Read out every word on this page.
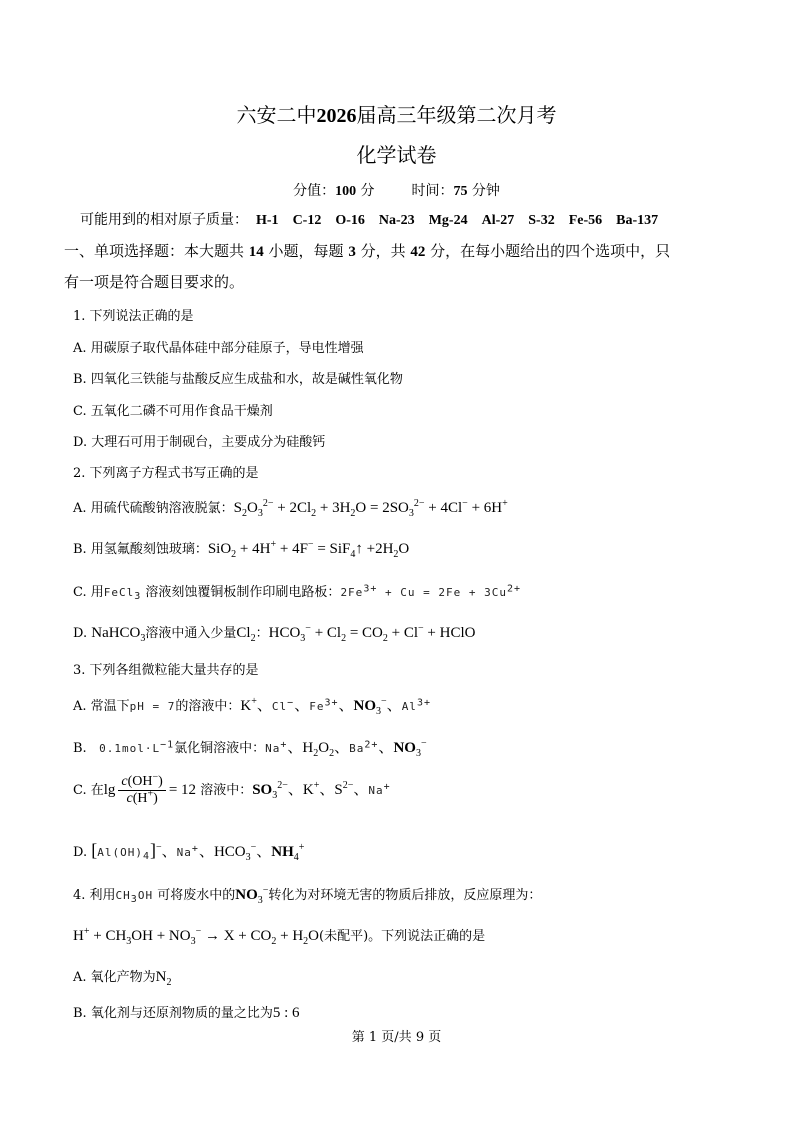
六安二中2026届高三年级第二次月考
化学试卷
分值：100 分	时间：75 分钟
可能用到的相对原子质量： H-1 C-12 O-16 Na-23 Mg-24 Al-27 S-32 Fe-56 Ba-137
一、单项选择题：本大题共 14 小题，每题 3 分，共 42 分，在每小题给出的四个选项中，只
有一项是符合题目要求的。
1. 下列说法正确的是
A. 用碳原子取代晶体硅中部分硅原子，导电性增强
B. 四氧化三铁能与盐酸反应生成盐和水，故是碱性氧化物
C. 五氧化二磷不可用作食品干燥剂
D. 大理石可用于制砚台，主要成分为硅酸钙
2. 下列离子方程式书写正确的是
A. 用硫代硫酸钠溶液脱氯：$S_2O_3^{2-} + 2Cl_2 + 3H_2O = 2SO_3^{2-} + 4Cl^- + 6H^+$
B. 用氢氟酸刻蚀玻璃：SiO$_2$ + 4H+ + 4F− = SiF$_4$↑ $+2H_2O$
C. 用FeCl$_3$ 溶液刻蚀覆铜板制作印刷电路板：$2Fe^{3+} + Cu = 2Fe + 3Cu^{2+}$
D. NaHCO$_3$溶液中通入少量$Cl_2$：$HCO_3^- + Cl_2 = CO_2 + Cl^-$ + HClO
3. 下列各组微粒能大量共存的是
A. 常温下pH = 7的溶液中：K+、Cl−、$Fe^{3+}$、$NO_3^-$、$Al^{3+}$
B. $0.1mol\cdot L^{-1}$氯化铜溶液中：Na+、$H_2O_2$、$Ba^{2+}$、$NO_3^-$
C. 在$\lg \frac{c(OH^-)}{c(H^+)} = 12$ 溶液中：$SO_3^{2-}$、K+、$S^{2-}$、Na+
D. $[Al(OH)_4]^-$、Na+、$HCO_3^-$、$NH_4^+$
4. 利用$CH_3OH$ 可将废水中的$NO_3^-$转化为对环境无害的物质后排放，反应原理为：
$H^+ + CH_3OH + NO_3^- \to X + CO_2 + H_2O$(未配平)。下列说法正确的是
A. 氧化产物为$N_2$
B. 氧化剂与还原剂物质的量之比为5 : 6
第 1 页/共 9 页
